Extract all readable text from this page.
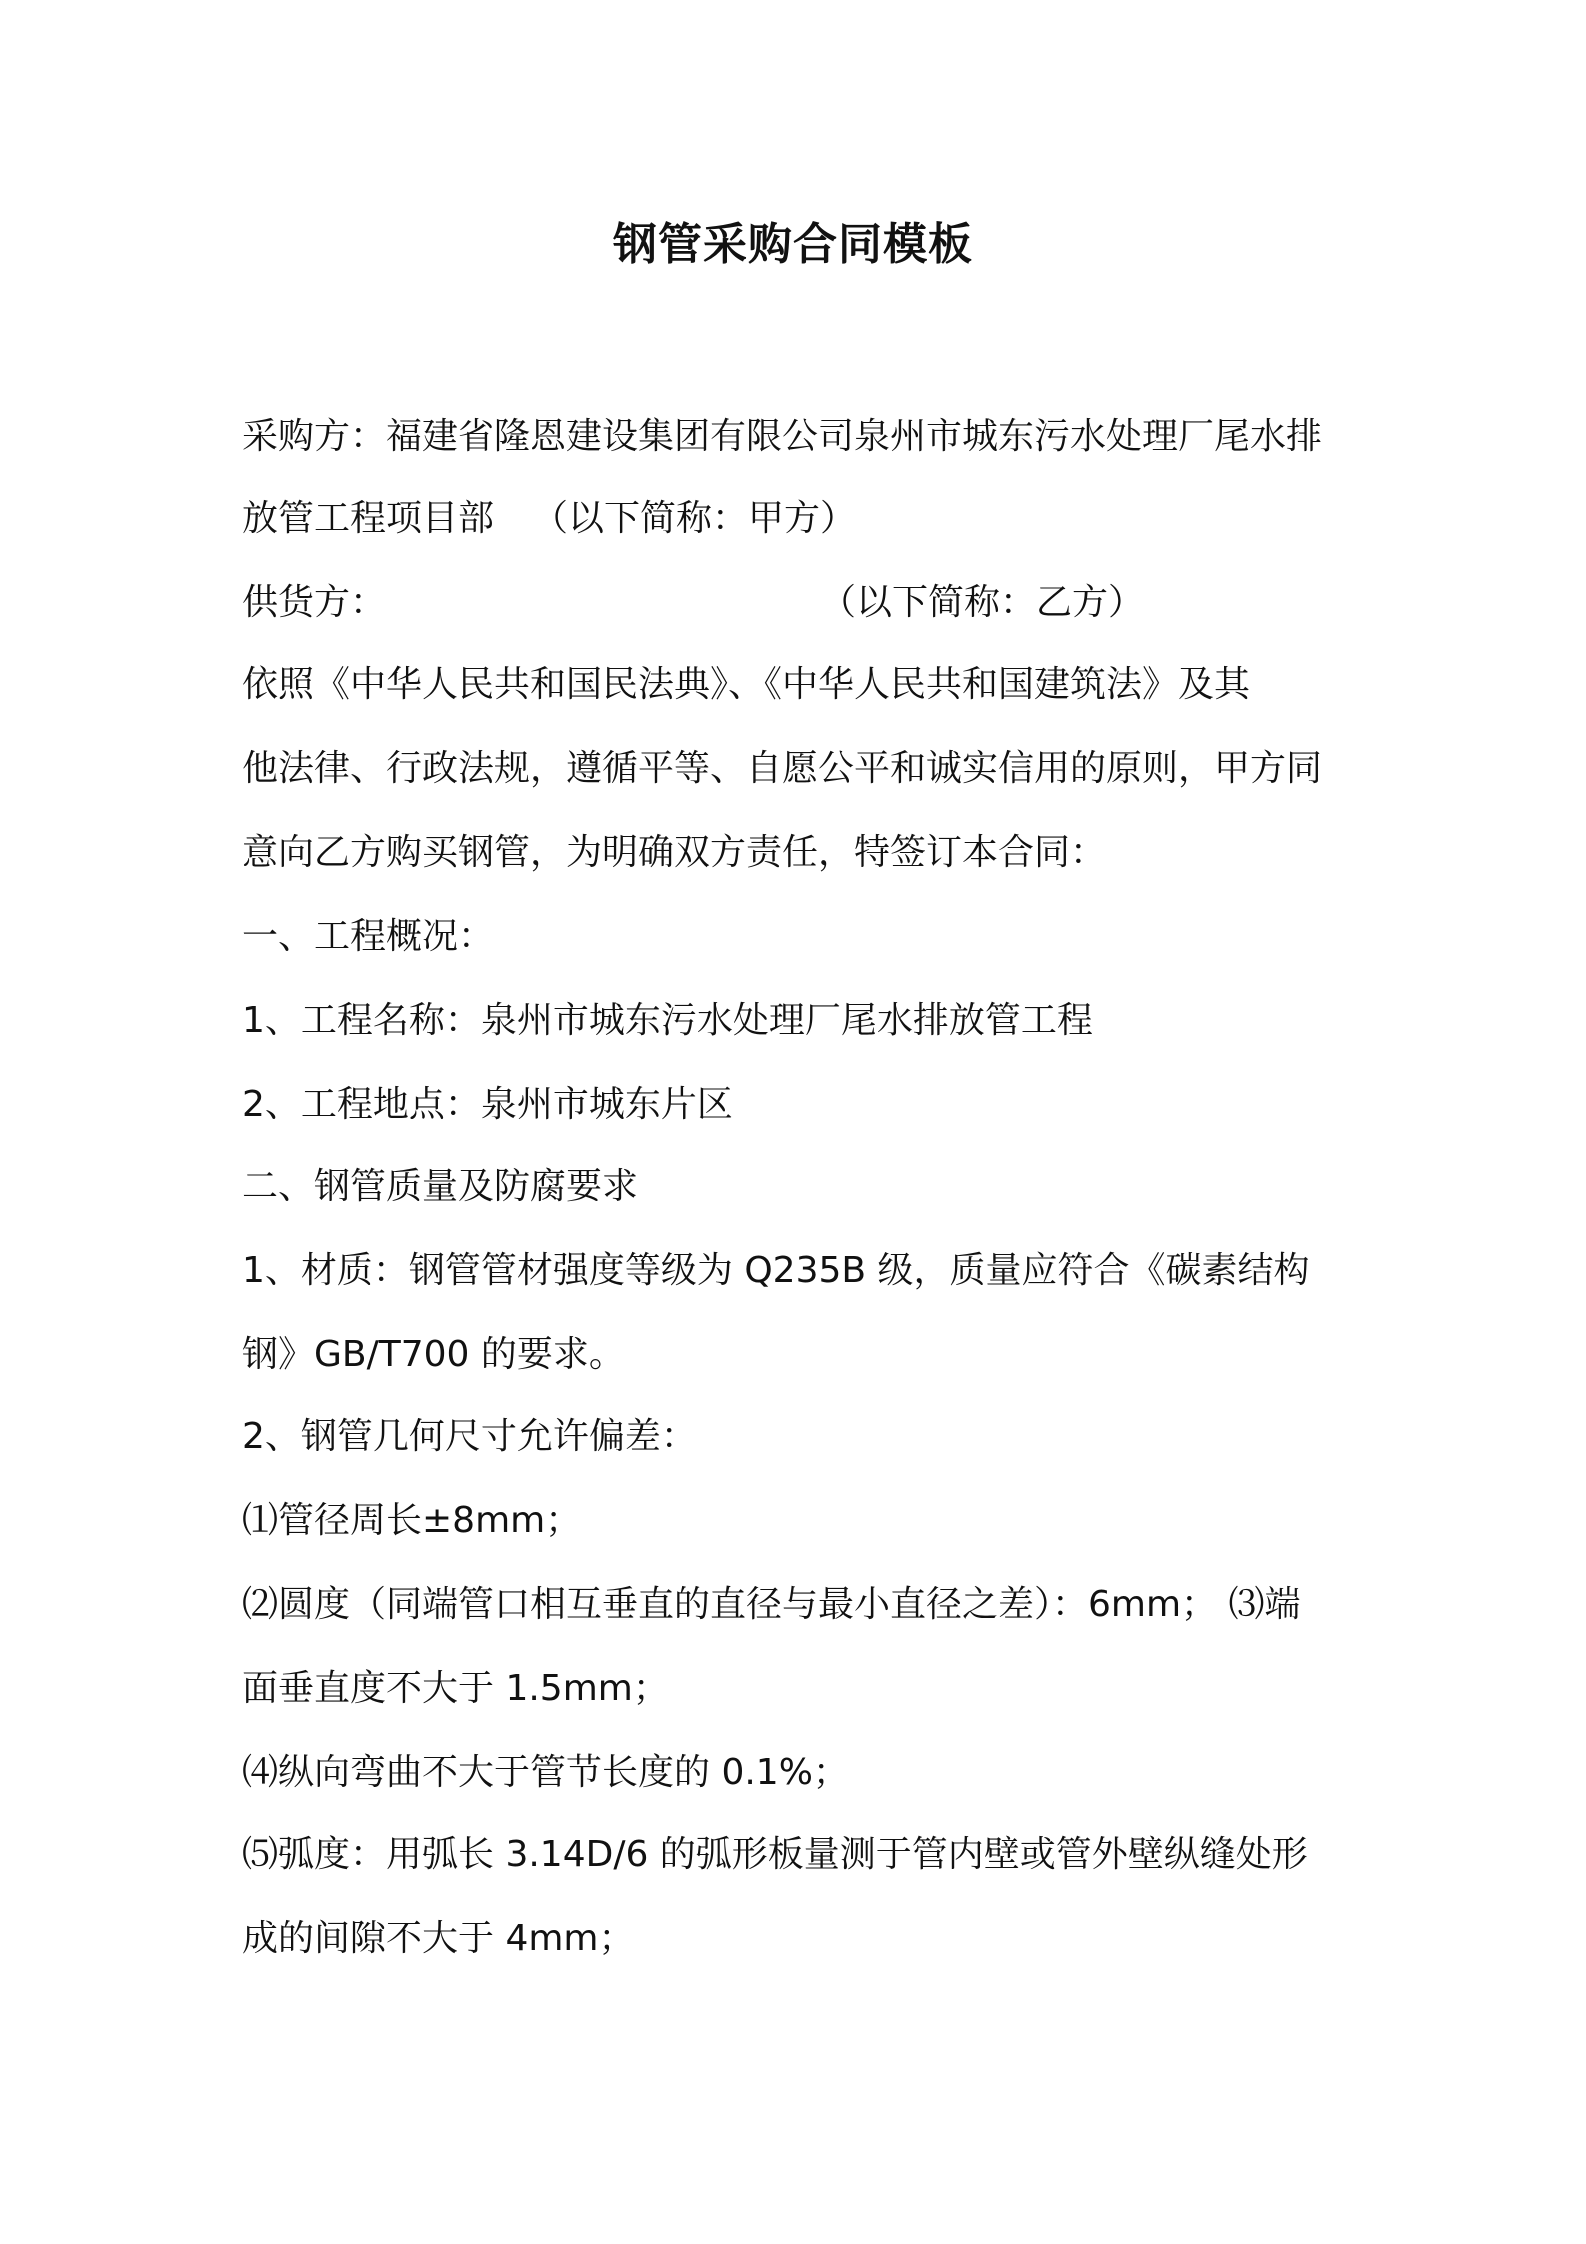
钢管采购合同模板
采购方：福建省隆恩建设集团有限公司泉州市城东污水处理厂尾水排
放管工程项目部 （以下简称：甲方）
供货方：	（以下简称：乙方）
依照《中华人民共和国民法典》、《中华人民共和国建筑法》及其
他法律、行政法规，遵循平等、自愿公平和诚实信用的原则，甲方同
意向乙方购买钢管，为明确双方责任，特签订本合同：
一、工程概况：
1、工程名称：泉州市城东污水处理厂尾水排放管工程
2、工程地点：泉州市城东片区
二、钢管质量及防腐要求
1、材质：钢管管材强度等级为 Q235B 级，质量应符合《碳素结构
钢》GB/T700 的要求。
2、钢管几何尺寸允许偏差：
⑴管径周长±8mm；
⑵圆度（同端管口相互垂直的直径与最小直径之差）：6mm； ⑶端
面垂直度不大于 1.5mm；
⑷纵向弯曲不大于管节长度的 0.1%；
⑸弧度：用弧长 3.14D/6 的弧形板量测于管内壁或管外壁纵缝处形
成的间隙不大于 4mm；
